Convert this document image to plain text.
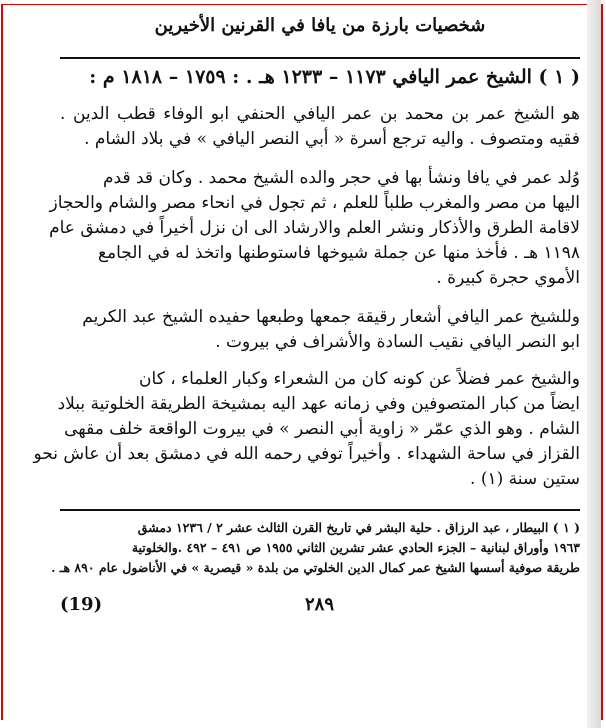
شخصيات بارزة من يافا في القرنين الأخيرين
( ١ ) الشيخ عمر اليافي ١١٧٣ – ١٢٣٣ هـ . : ١٧٥٩ – ١٨١٨ م :
هو الشيخ عمر بن محمد بن عمر اليافي الحنفي ابو الوفاء قطب الدين .
فقيه ومتصوف . واليه ترجع أسرة « أبي النصر اليافي » في بلاد الشام .
وُلد عمر في يافا ونشأ بها في حجر والده الشيخ محمد . وكان قد قدم
اليها من مصر والمغرب طلباً للعلم ، ثم تجول في انحاء مصر والشام والحجاز
لاقامة الطرق والأذكار ونشر العلم والارشاد الى ان نزل أخيراً في دمشق عام
١١٩٨ هـ . فأخذ منها عن جملة شيوخها فاستوطنها واتخذ له في الجامع
الأموي حجرة كبيرة .
وللشيخ عمر اليافي أشعار رقيقة جمعها وطبعها حفيده الشيخ عبد الكريم
ابو النصر اليافي نقيب السادة والأشراف في بيروت .
والشيخ عمر فضلاً عن كونه كان من الشعراء وكبار العلماء ، كان
ايضاً من كبار المتصوفين وفي زمانه عهد اليه بمشيخة الطريقة الخلوتية ببلاد
الشام . وهو الذي عمّر « زاوية أبي النصر » في بيروت الواقعة خلف مقهى
القزاز في ساحة الشهداء . وأخيراً توفي رحمه الله في دمشق بعد أن عاش نحو
ستين سنة (١) .
( ١ ) البيطار ، عبد الرزاق . حلية البشر في تاريخ القرن الثالث عشر ٢ / ١٢٣٦ دمشق
١٩٦٣ وأوراق لبنانية – الجزء الحادي عشر تشرين الثاني ١٩٥٥ ص ٤٩١ – ٤٩٢ .والخلوتية
طريقة صوفية أسسها الشيخ عمر كمال الدين الخلوتي من بلدة « قيصرية » في الأناضول عام ٨٩٠ هـ .
٢٨٩
(19)
